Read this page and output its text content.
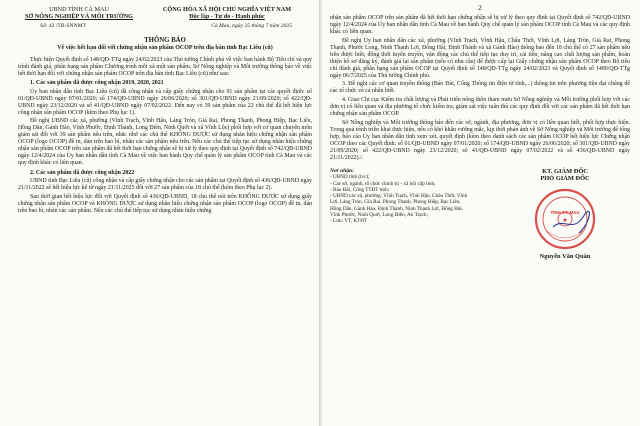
UBND TỈNH CÀ MAU

SỞ NÔNG NGHIỆP VÀ MÔI TRƯỜNG

CỘNG HÒA XÃ HỘI CHỦ NGHĨA VIỆT NAM

Độc lập - Tự do - Hạnh phúc

Số: 42 /TB-SNNMT	Cà Mau, ngày 25 tháng 7 năm 2025

THÔNG BÁO

Về việc hết hạn đối với chứng nhận sản phẩm OCOP trên địa bàn tỉnh Bạc Liêu (cũ)

Thực hiện Quyết định số 148/QĐ-TTg ngày 24/02/2023 của Thủ tướng Chính phủ về việc ban hành Bộ Tiêu chí và quy trình đánh giá, phân hạng sản phẩm Chương trình mỗi xã một sản phẩm, Sở Nông nghiệp và Môi trường thông báo về việc hết thời hạn đối với chứng nhận sản phẩm OCOP trên địa bàn tỉnh Bạc Liêu (cũ) như sau:

1. Các sản phẩm đã được công nhận 2019, 2020, 2021

Ủy ban nhân dân tỉnh Bạc Liêu (cũ) đã công nhận và cấp giấy chứng nhận cho 91 sản phẩm tại các quyết định: số 01/QĐ-UBND ngày 07/01/2020; số 174/QĐ-UBND ngày 26/06/2020; số 301/QĐ-UBND ngày 21/09/2020; số 422/QĐ-UBND ngày 23/12/2020 và số 41/QĐ-UBND ngày 07/02/2022. Đến nay có 39 sản phẩm của 22 chủ thể đã hết hiệu lực công nhận sản phẩm OCOP (kèm theo Phụ lục 1).

Đề nghị UBND các xã, phường (Vĩnh Trạch, Vĩnh Hậu, Láng Tròn, Giá Rai, Phong Thạnh, Phong Hiệp, Bạc Liêu, Hồng Dân, Gành Hào, Vĩnh Phước, Định Thành, Long Điền, Ninh Quới và xã Vĩnh Lộc) phối hợp với cơ quan chuyên môn giám sát đối với 39 sản phẩm nêu trên, nhắc nhở các chủ thể KHÔNG ĐƯỢC sử dụng nhãn hiệu chứng nhận sản phẩm OCOP (logo OCOP) đề in, dán trên bao bì, nhãn các sản phẩm nêu trên. Nếu các chủ thể tiếp tục sử dụng nhãn hiệu chứng nhận sản phẩm OCOP trên sản phẩm đã hết thời hạn chứng nhận sẽ bị xử lý theo quy định tại Quyết định số 742/QĐ-UBND ngày 12/4/2024 của Ủy ban nhân dân tỉnh Cà Mau về việc ban hành Quy chế quản lý sản phẩm OCOP tỉnh Cà Mau và các quy định khác có liên quan.

2. Các sản phẩm đã được công nhận 2022

UBND tỉnh Bạc Liêu (cũ) công nhận và cấp giấy chứng nhận cho các sản phẩm tại Quyết định số 436/QĐ-UBND ngày 21/11/2022 sẽ hết hiệu lực kể từ ngày 21/11/2025 đối với 27 sản phẩm của 18 chủ thể (kèm theo Phụ lục 2).

Sau thời gian hết hiệu lực đối với Quyết định số 436/QĐ-UBND, 18 chủ thể nói trên KHÔNG ĐƯỢC sử dụng giấy chứng nhận sản phẩm OCOP và KHÔNG ĐƯỢC sử dụng nhãn hiệu chứng nhận sản phẩm OCOP (logo OCOP) đề in, dán trên bao bì, nhãn các sản phẩm. Nếu các chủ thể tiếp tục sử dụng nhãn hiệu chứng

2

nhận sản phẩm OCOP trên sản phẩm đã hết thời hạn chứng nhận sẽ bị xử lý theo quy định tại Quyết định số 742/QĐ-UBND ngày 12/4/2024 của Ủy ban nhân dân tỉnh Cà Mau về ban hành Quy chế quản lý sản phẩm OCOP tỉnh Cà Mau và các quy định khác có liên quan.

Đề nghị Ủy ban nhân dân các xã, phường (Vĩnh Trạch, Vĩnh Hậu, Châu Thới, Vĩnh Lợi, Láng Tròn, Giá Rai, Phong Thạnh, Phước Long, Ninh Thạnh Lợi, Đông Hải, Định Thành và xã Gành Hào) thông báo đến 18 chủ thể có 27 sản phẩm nêu trên được biết; đồng thời tuyên truyền, vận động các chủ thể tiếp tục duy trì, cải tiến, nâng cao chất lượng sản phẩm, hoàn thiện hồ sơ đăng ký, đánh giá lại sản phẩm (nếu có nhu cầu) để được cấp lại Giấy chứng nhận sản phẩm OCOP theo Bộ tiêu chí đánh giá, phân hạng sản phẩm OCOP tại Quyết định số 148/QĐ-TTg ngày 24/02/2023 và Quyết định số 1489/QĐ-TTg ngày 06/7/2025 của Thủ tướng Chính phủ.

3. Đề nghị các cơ quan truyền thông (Báo Đài, Cổng Thông tin điện tử tỉnh,...) thông tin trên phương tiện đại chúng để các tổ chức và cá nhân biết.

4. Giao Chi cục Kiểm tra chất lượng và Phát triển nông thôn tham mưu Sở Nông nghiệp và Môi trường phối hợp với các đơn vị có liên quan và địa phương tổ chức kiểm tra, giám sát việc tuân thủ các quy định đối với các sản phẩm đã hết thời hạn chứng nhận sản phẩm OCOP.

Sở Nông nghiệp và Môi trường thông báo đến các sở, ngành, địa phương, đơn vị có liên quan biết, phối hợp thực hiện. Trong quá trình triển khai thực hiện, nếu có khó khăn vướng mắc, kịp thời phản ánh về Sở Nông nghiệp và Môi trường để tổng hợp, báo cáo Ủy ban nhân dân tỉnh xem xét, quyết định (kèm theo danh sách các sản phẩm OCOP hết hiệu lực Chứng nhận OCOP theo các Quyết định: số 01/QĐ-UBND ngày 07/01/2020; số 174/QĐ-UBND ngày 26/06/2020; số 301/QĐ-UBND ngày 21/09/2020; số 422/QĐ-UBND ngày 23/12/2020; số 41/QĐ-UBND ngày 07/02/2022 và số 436/QĐ-UBND ngày 21/11/2022)./.

Nơi nhận:

- UBND tỉnh (b/c);

- Các sở, ngành, tổ chức chính trị - xã hội cấp tỉnh;

- Báo Đài, Cổng TTĐT tỉnh;

- UBND các xã, phường: Vĩnh Trạch, Vĩnh Hậu, Châu Thới, Vĩnh Lợi, Láng Tròn, Giá Rai, Phong Thạnh, Phong Hiệp, Bạc Liêu, Hồng Dân, Gành Hào, Định Thành, Ninh Thạnh Lợi, Đông Hải, Vĩnh Phước, Ninh Quới, Long Điền, An Trạch;

- Lưu: VT, KTHT

KT. GIÁM ĐỐC

PHÓ GIÁM ĐỐC

★
TỈNH CÀ MAU

Nguyễn Văn Quân
